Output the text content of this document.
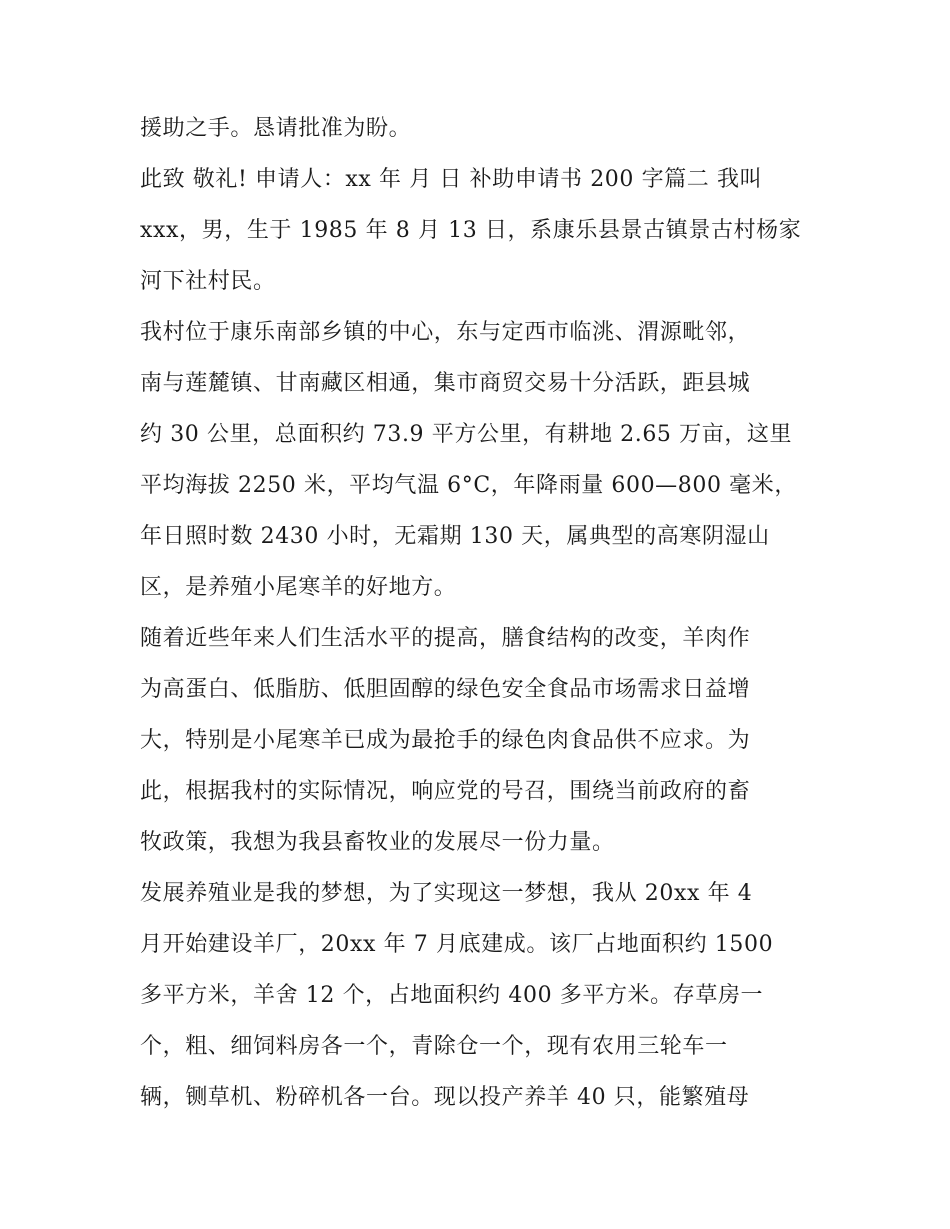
援助之手。恳请批准为盼。
此致 敬礼! 申请人：xx 年 月 日 补助申请书 200 字篇二 我叫
xxx，男，生于 1985 年 8 月 13 日，系康乐县景古镇景古村杨家
河下社村民。
我村位于康乐南部乡镇的中心，东与定西市临洮、渭源毗邻，
南与莲麓镇、甘南藏区相通，集市商贸交易十分活跃，距县城
约 30 公里，总面积约 73.9 平方公里，有耕地 2.65 万亩，这里
平均海拔 2250 米，平均气温 6°C，年降雨量 600—800 毫米，
年日照时数 2430 小时，无霜期 130 天，属典型的高寒阴湿山
区，是养殖小尾寒羊的好地方。
随着近些年来人们生活水平的提高，膳食结构的改变，羊肉作
为高蛋白、低脂肪、低胆固醇的绿色安全食品市场需求日益增
大，特别是小尾寒羊已成为最抢手的绿色肉食品供不应求。为
此，根据我村的实际情况，响应党的号召，围绕当前政府的畜
牧政策，我想为我县畜牧业的发展尽一份力量。
发展养殖业是我的梦想，为了实现这一梦想，我从 20xx 年 4
月开始建设羊厂，20xx 年 7 月底建成。该厂占地面积约 1500
多平方米，羊舍 12 个，占地面积约 400 多平方米。存草房一
个，粗、细饲料房各一个，青除仓一个，现有农用三轮车一
辆，铡草机、粉碎机各一台。现以投产养羊 40 只，能繁殖母
